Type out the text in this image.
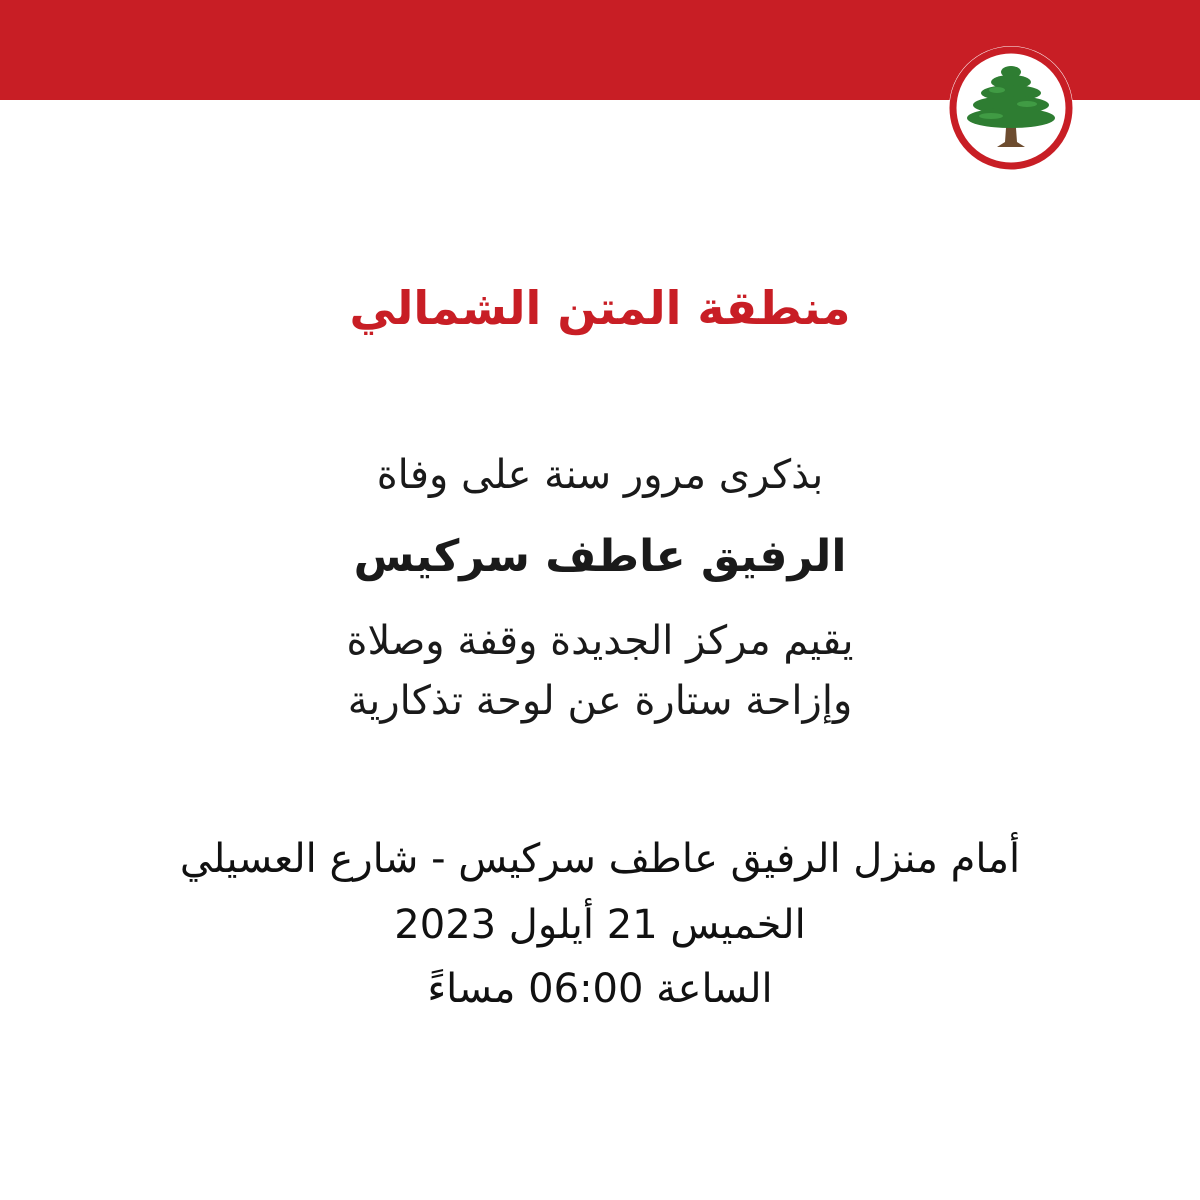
منطقة المتن الشمالي
بذكرى مرور سنة على وفاة
الرفيق عاطف سركيس
يقيم مركز الجديدة وقفة وصلاة
وإزاحة ستارة عن لوحة تذكارية
أمام منزل الرفيق عاطف سركيس - شارع العسيلي
الخميس 21 أيلول 2023
الساعة 06:00 مساءً
